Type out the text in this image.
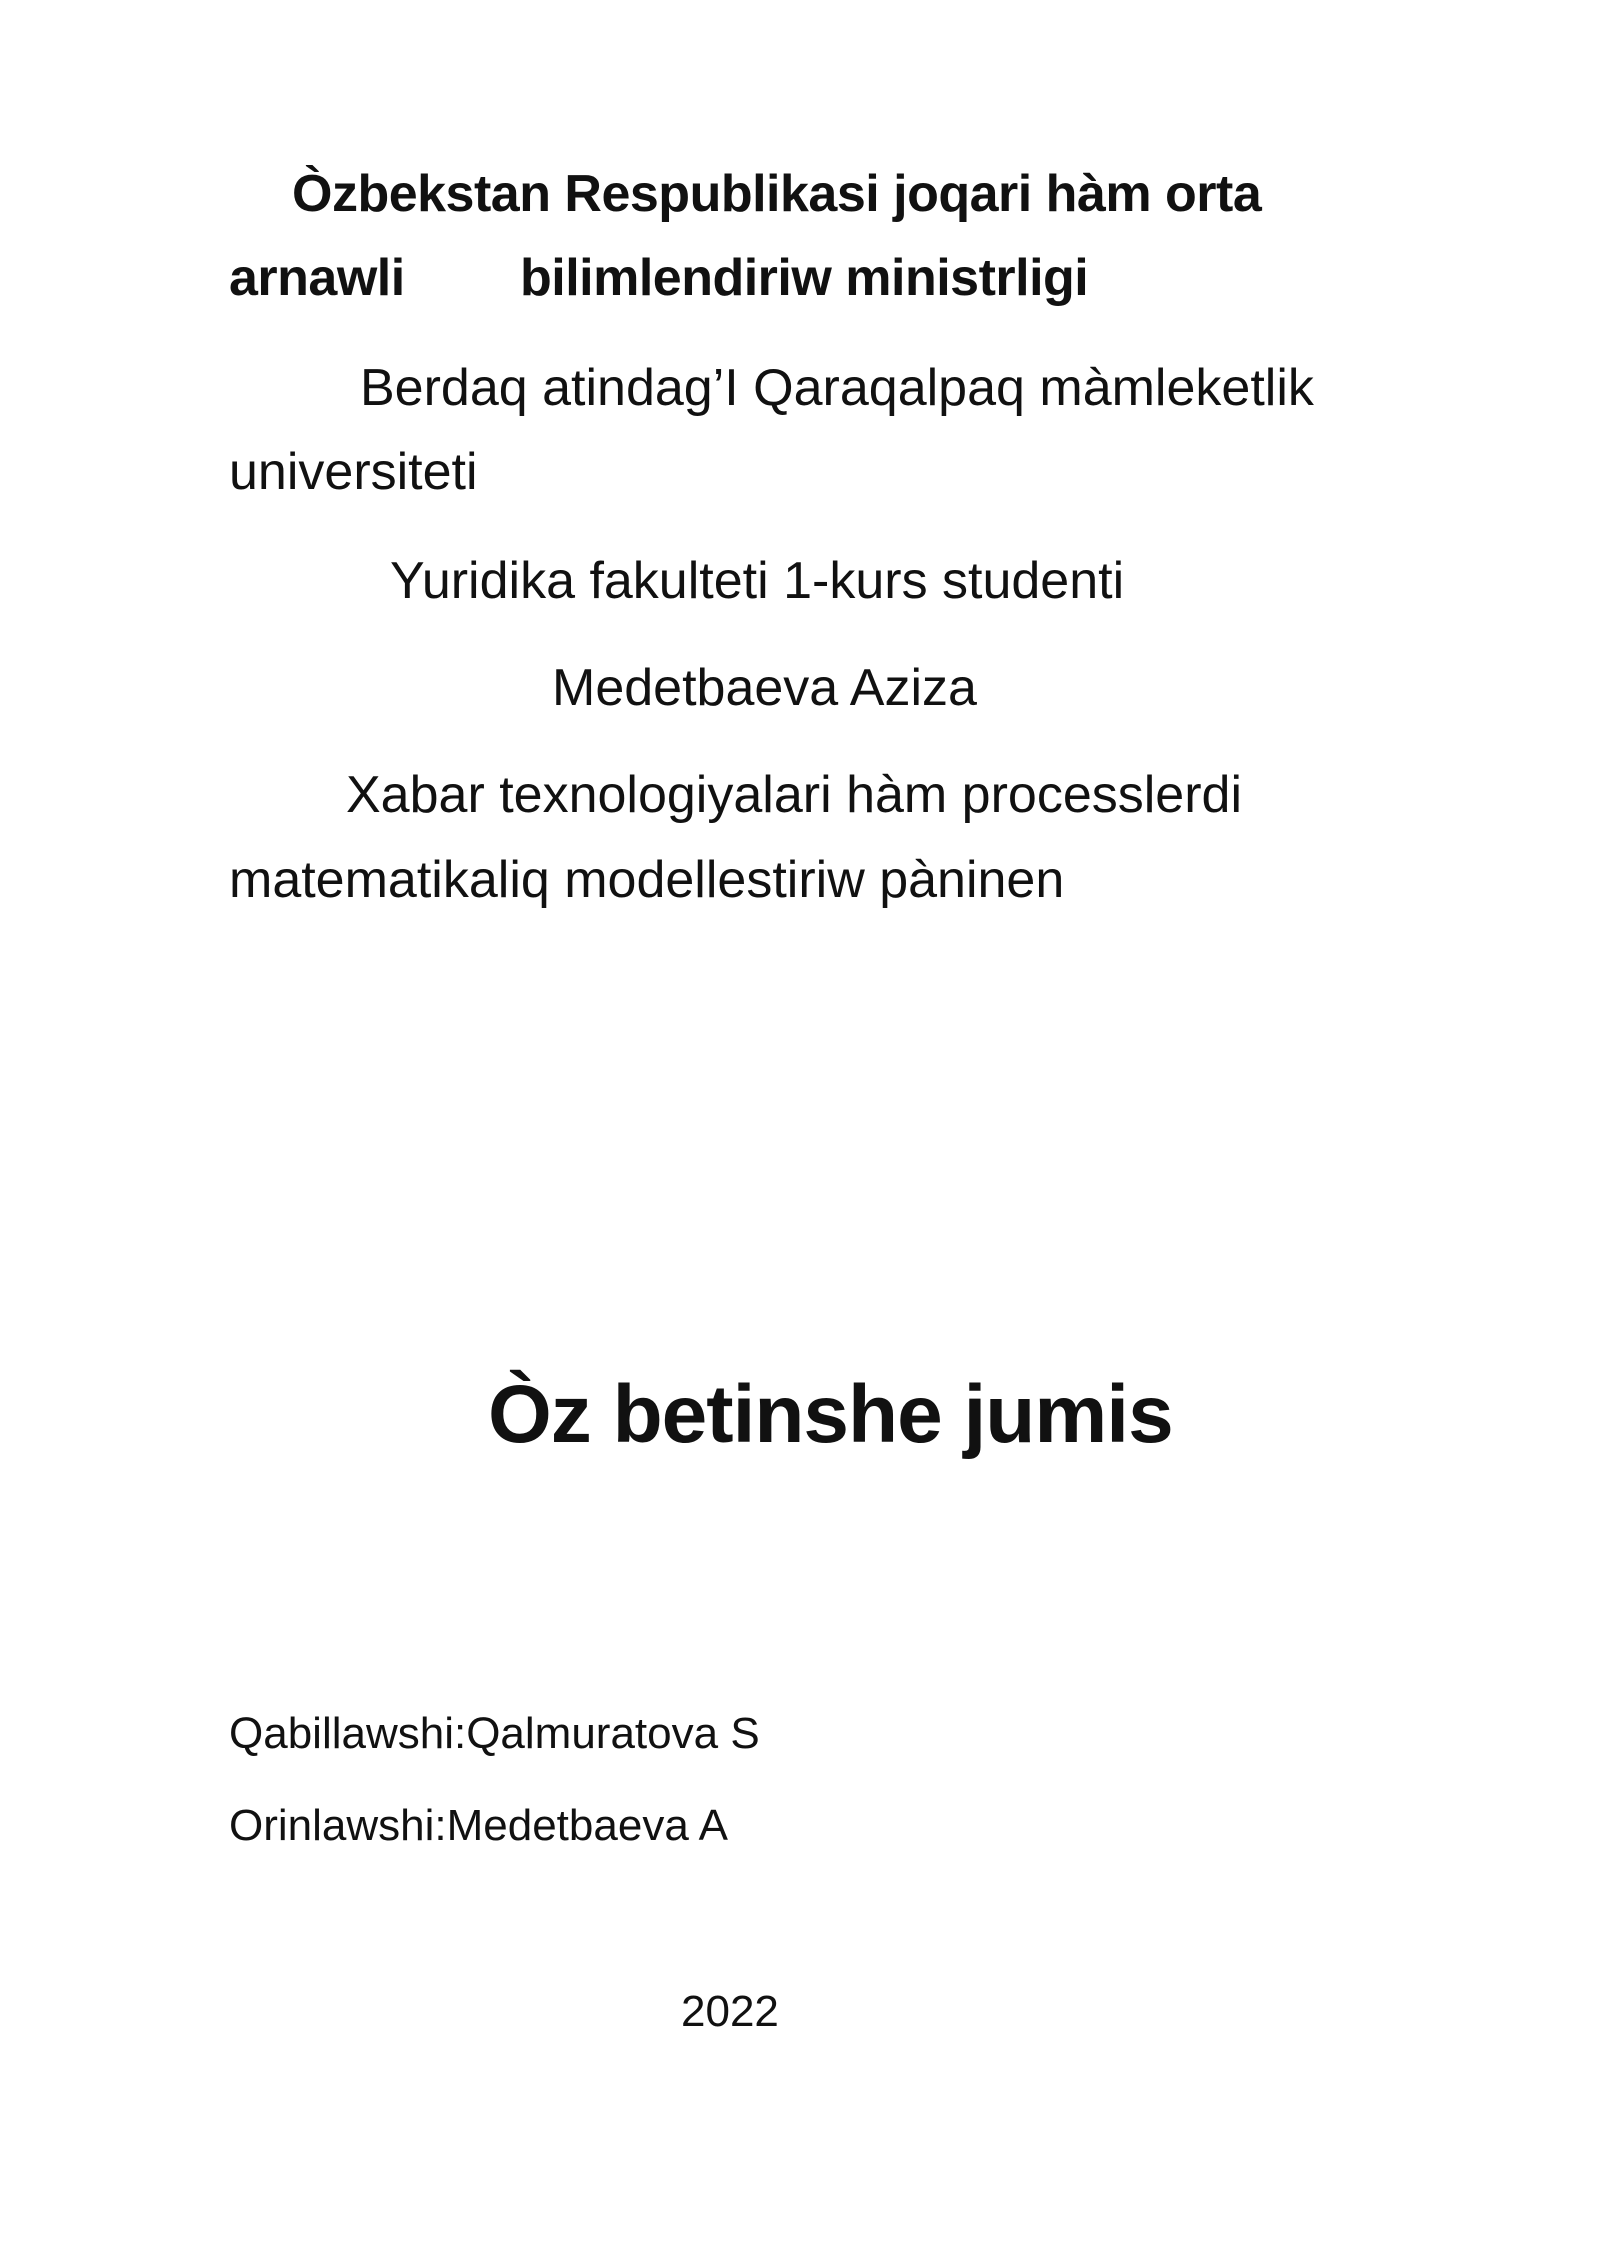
Òzbekstan Respublikasi joqari hàm orta
arnawli bilimlendiriw ministrligi
Berdaq atindag’I Qaraqalpaq màmleketlik
universiteti
Yuridika fakulteti 1-kurs studenti
Medetbaeva Aziza
Xabar texnologiyalari hàm processlerdi
matematikaliq modellestiriw pàninen
Òz betinshe jumis
Qabillawshi:Qalmuratova S
Orinlawshi:Medetbaeva A
2022
